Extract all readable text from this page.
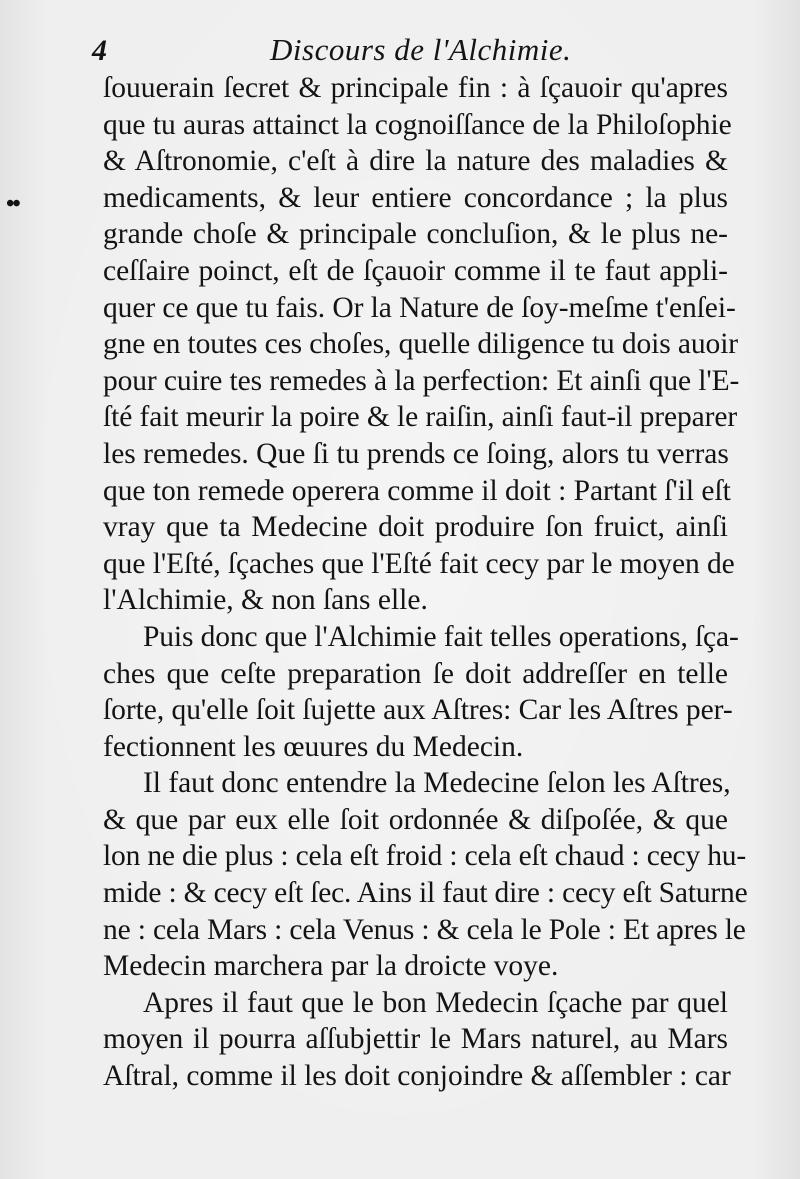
4	Discours de l'Alchimie.
••
ſouuerain ſecret & principale fin : à ſçauoir qu'apres
que tu auras attainct la cognoiſſance de la Philoſophie
& Aſtronomie, c'eſt à dire la nature des maladies &
medicaments, & leur entiere concordance ; la plus
grande choſe & principale concluſion, & le plus ne-
ceſſaire poinct, eſt de ſçauoir comme il te faut appli-
quer ce que tu fais. Or la Nature de ſoy-meſme t'enſei-
gne en toutes ces choſes, quelle diligence tu dois auoir
pour cuire tes remedes à la perfection: Et ainſi que l'E-
ſté fait meurir la poire & le raiſin, ainſi faut-il preparer
les remedes. Que ſi tu prends ce ſoing, alors tu verras
que ton remede operera comme il doit : Partant ſ'il eſt
vray que ta Medecine doit produire ſon fruict, ainſi
que l'Eſté, ſçaches que l'Eſté fait cecy par le moyen de
l'Alchimie, & non ſans elle.
Puis donc que l'Alchimie fait telles operations, ſça-
ches que ceſte preparation ſe doit addreſſer en telle
ſorte, qu'elle ſoit ſujette aux Aſtres: Car les Aſtres per-
fectionnent les œuures du Medecin.
Il faut donc entendre la Medecine ſelon les Aſtres,
& que par eux elle ſoit ordonnée & diſpoſée, & que
lon ne die plus : cela eſt froid : cela eſt chaud : cecy hu-
mide : & cecy eſt ſec. Ains il faut dire : cecy eſt Saturne
ne : cela Mars : cela Venus : & cela le Pole : Et apres le
Medecin marchera par la droicte voye.
Apres il faut que le bon Medecin ſçache par quel
moyen il pourra aſſubjettir le Mars naturel, au Mars
Aſtral, comme il les doit conjoindre & aſſembler : car
